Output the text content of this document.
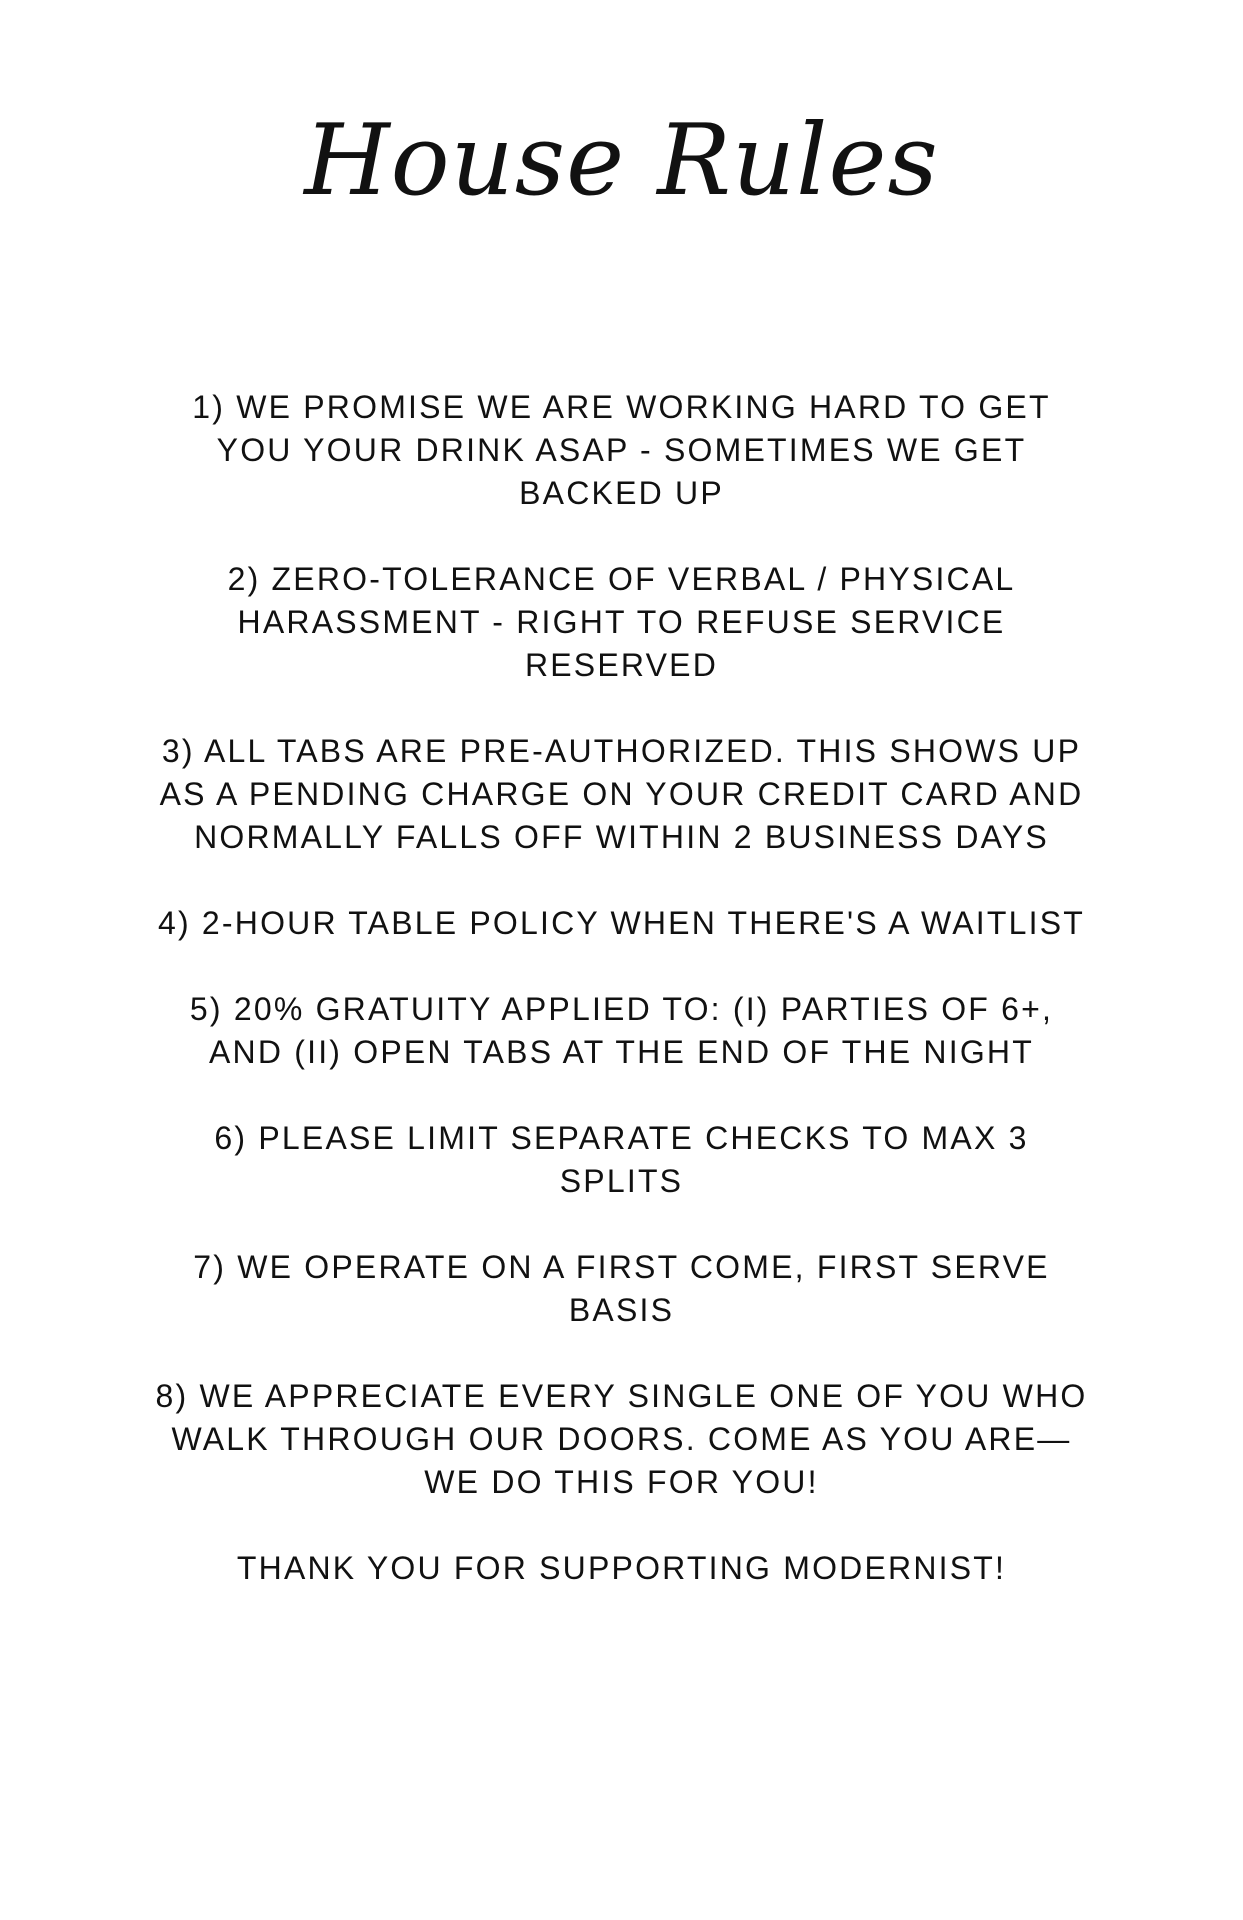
House Rules

1) WE PROMISE WE ARE WORKING HARD TO GET YOU YOUR DRINK ASAP - SOMETIMES WE GET BACKED UP

2) ZERO-TOLERANCE OF VERBAL / PHYSICAL HARASSMENT - RIGHT TO REFUSE SERVICE RESERVED

3) ALL TABS ARE PRE-AUTHORIZED. THIS SHOWS UP AS A PENDING CHARGE ON YOUR CREDIT CARD AND NORMALLY FALLS OFF WITHIN 2 BUSINESS DAYS

4) 2-HOUR TABLE POLICY WHEN THERE'S A WAITLIST

5) 20% GRATUITY APPLIED TO: (I) PARTIES OF 6+, AND (II) OPEN TABS AT THE END OF THE NIGHT

6) PLEASE LIMIT SEPARATE CHECKS TO MAX 3 SPLITS

7) WE OPERATE ON A FIRST COME, FIRST SERVE BASIS

8) WE APPRECIATE EVERY SINGLE ONE OF YOU WHO WALK THROUGH OUR DOORS. COME AS YOU ARE—WE DO THIS FOR YOU!

THANK YOU FOR SUPPORTING MODERNIST!
